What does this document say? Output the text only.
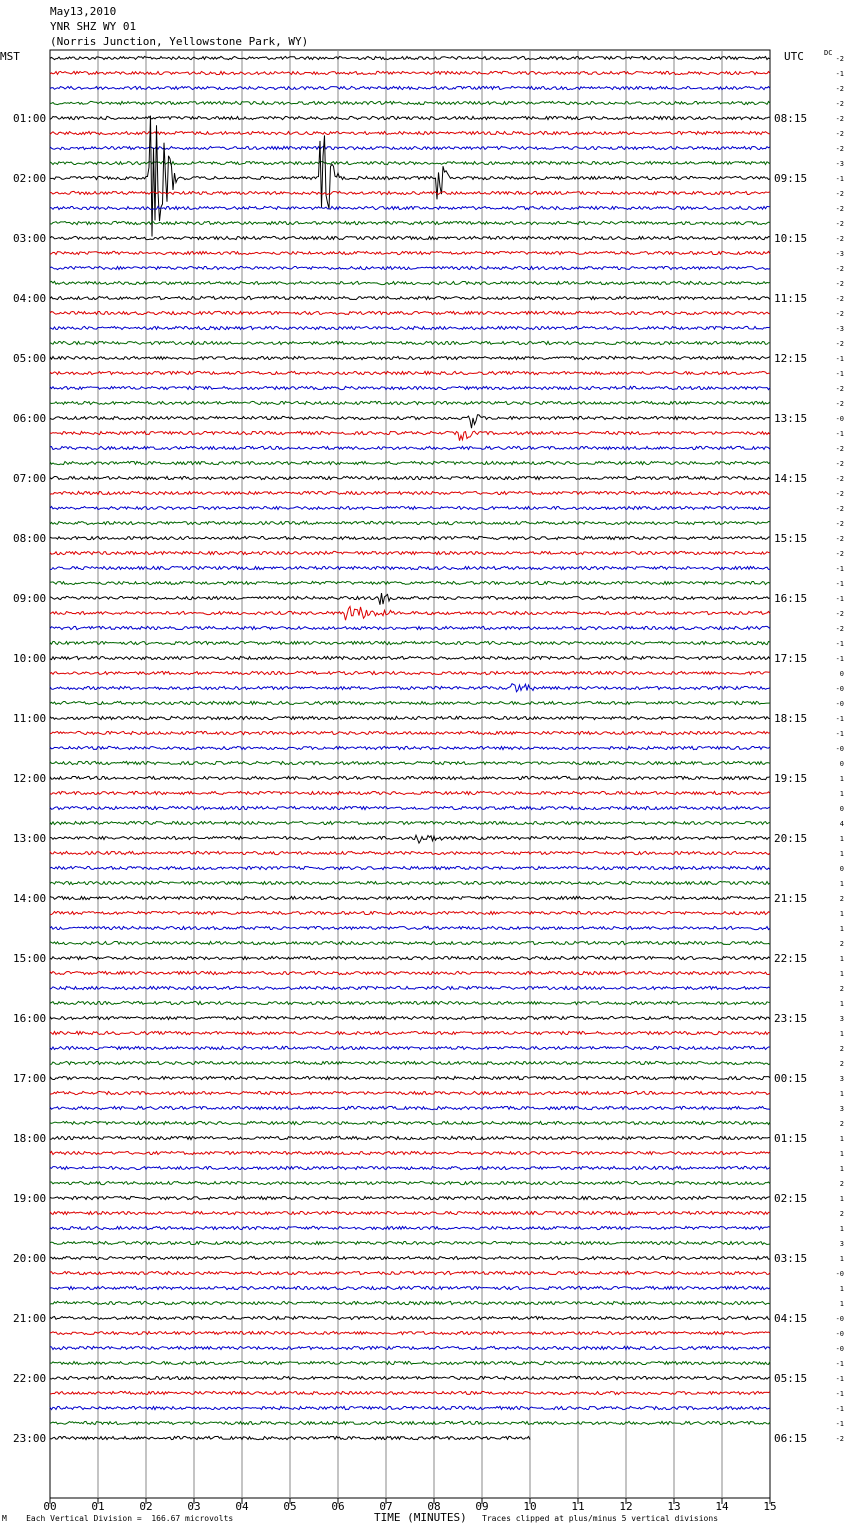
May13,2010
YNR SHZ WY 01
(Norris Junction, Yellowstone Park, WY)
MST	UTC	DC
00	01	02	03	04	05	06	07	08	09	10	11	12	13	14	15
01:00
02:00
03:00
04:00
05:00
06:00
07:00
08:00
09:00
10:00
11:00
12:00
13:00
14:00
15:00
16:00
17:00
18:00
19:00
20:00
21:00
22:00
23:00
08:15
09:15
10:15
11:15
12:15
13:15
14:15
15:15
16:15
17:15
18:15
19:15
20:15
21:15
22:15
23:15
00:15
01:15
02:15
03:15
04:15
05:15
06:15
-2
-1
-2
-2
-2
-2
-2
-3
-1
-2
-2
-2
-2
-3
-2
-2
-2
-2
-3
-2
-1
-1
-2
-2
-0
-1
-2
-2
-2
-2
-2
-2
-2
-2
-1
-1
-1
-2
-2
-1
-1
0
-0
-0
-1
-1
-0
0
1
1
0
4
1
1
0
1
2
1
1
2
1
1
2
1
3
1
2
2
3
1
3
2
1
1
1
2
1
2
1
3
1
-0
1
1
-0
-0
-0
-1
-1
-1
-1
-1
-2
M Each Vertical Division =  166.67 microvolts	TIME (MINUTES) Traces clipped at plus/minus 5 vertical divisions
